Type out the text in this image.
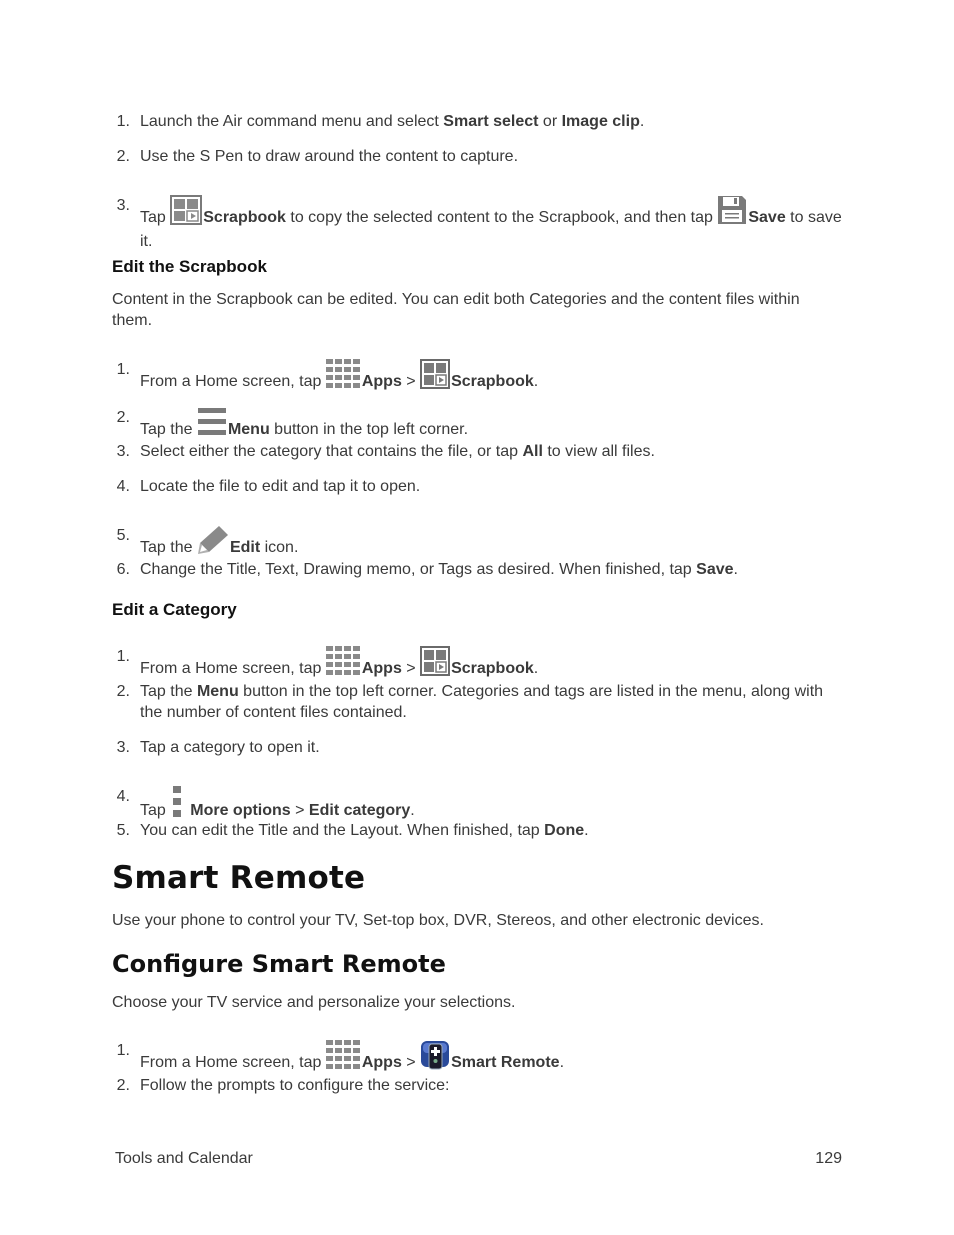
1. Launch the Air command menu and select Smart select or Image clip.
2. Use the S Pen to draw around the content to capture.
3.
Tap Scrapbook to copy the selected content to the Scrapbook, and then tap Save to save it.
Edit the Scrapbook
Content in the Scrapbook can be edited. You can edit both Categories and the content files within them.
1.
From a Home screen, tap Apps > Scrapbook.
2.
Tap the Menu button in the top left corner.
3. Select either the category that contains the file, or tap All to view all files.
4. Locate the file to edit and tap it to open.
5.
Tap the Edit icon.
6. Change the Title, Text, Drawing memo, or Tags as desired. When finished, tap Save.
Edit a Category
1.
From a Home screen, tap Apps > Scrapbook.
2. Tap the Menu button in the top left corner. Categories and tags are listed in the menu, along with the number of content files contained.
3. Tap a category to open it.
4.
Tap More options > Edit category.
5. You can edit the Title and the Layout. When finished, tap Done.
Smart Remote
Use your phone to control your TV, Set-top box, DVR, Stereos, and other electronic devices.
Configure Smart Remote
Choose your TV service and personalize your selections.
1.
From a Home screen, tap Apps > Smart Remote.
2. Follow the prompts to configure the service:
Tools and Calendar	129
